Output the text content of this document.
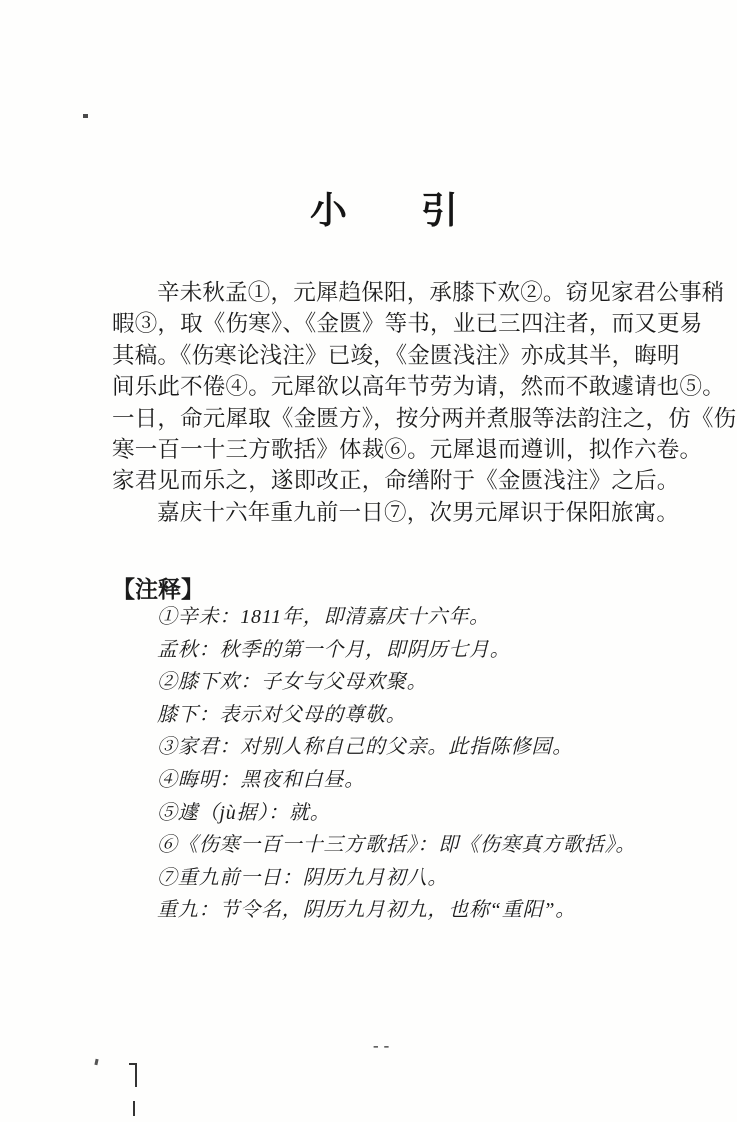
小　　引

辛未秋孟①，元犀趋保阳，承膝下欢②。窃见家君公事稍

暇③，取《伤寒》、《金匮》等书，业已三四注者，而又更易

其稿。《伤寒论浅注》已竣，《金匮浅注》亦成其半，晦明

间乐此不倦④。元犀欲以高年节劳为请，然而不敢遽请也⑤。

一日，命元犀取《金匮方》，按分两并煮服等法韵注之，仿《伤

寒一百一十三方歌括》体裁⑥。元犀退而遵训，拟作六卷。

家君见而乐之，遂即改正，命缮附于《金匮浅注》之后。

嘉庆十六年重九前一日⑦，次男元犀识于保阳旅寓。

【注释】

①辛未：1811年，即清嘉庆十六年。

孟秋：秋季的第一个月，即阴历七月。

②膝下欢：子女与父母欢聚。

膝下：表示对父母的尊敬。

③家君：对别人称自己的父亲。此指陈修园。

④晦明：黑夜和白昼。

⑤遽（jù据）：就。

⑥《伤寒一百一十三方歌括》：即《伤寒真方歌括》。

⑦重九前一日：阴历九月初八。

重九：节令名，阴历九月初九，也称“重阳”。

--
